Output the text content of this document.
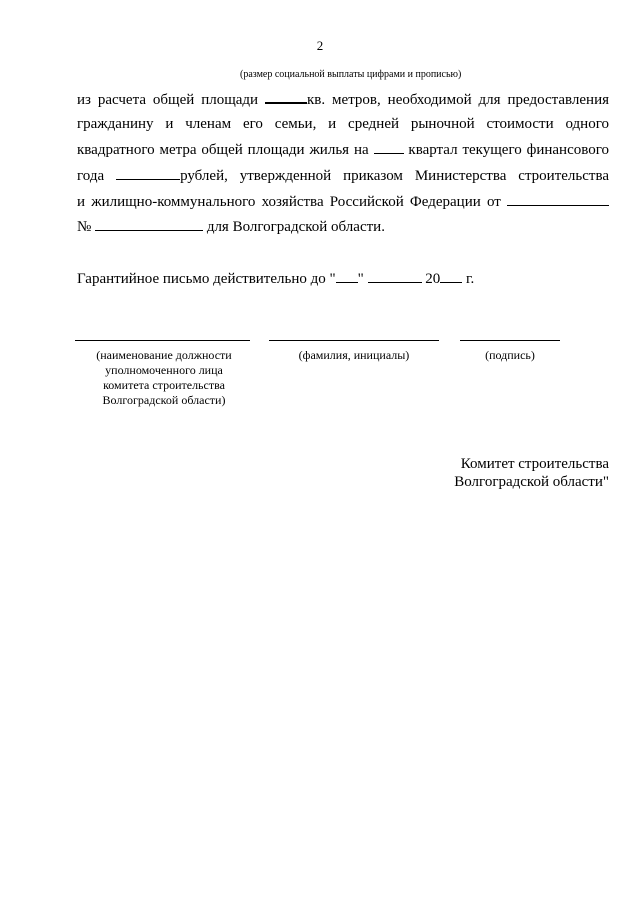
2
(размер социальной выплаты цифрами и прописью)
из расчета общей площади	кв. метров, необходимой для предоставления
гражданину и членам его семьи, и средней рыночной стоимости одного
квадратного метра общей площади жилья на	квартал текущего финансового
года	рублей, утвержденной приказом Министерства строительства
и жилищно-коммунального хозяйства Российской Федерации от
№	для Волгоградской области.
Гарантийное письмо действительно до " "	20 г.
(наименование должности уполномоченного лица комитета строительства Волгоградской области)
(фамилия, инициалы)	(подпись)
Комитет строительства
Волгоградской области"
